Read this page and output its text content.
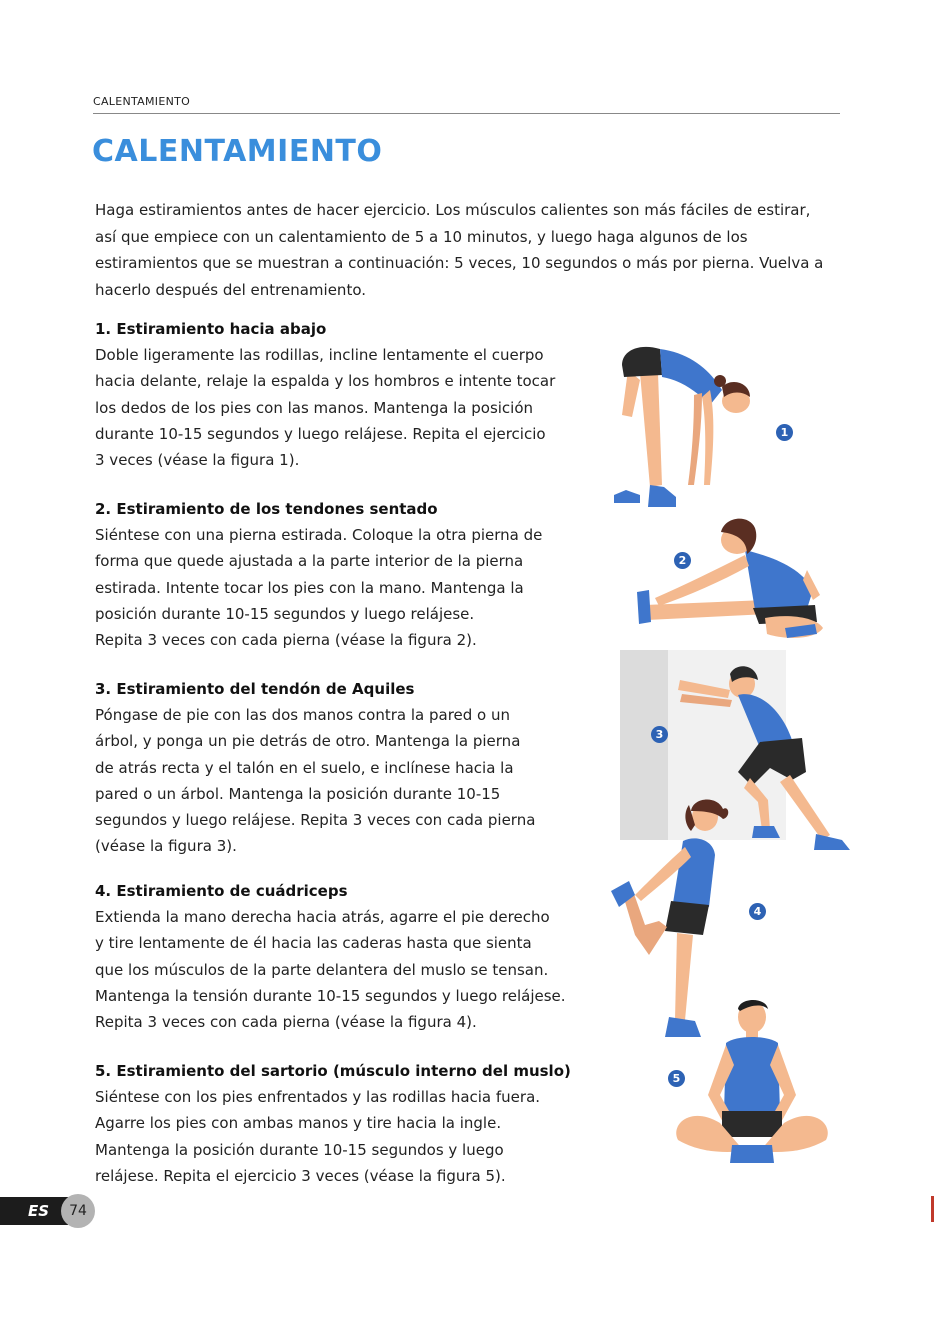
CALENTAMIENTO
CALENTAMIENTO

Haga estiramientos antes de hacer ejercicio. Los músculos calientes son más fáciles de estirar, así que empiece con un calentamiento de 5 a 10 minutos, y luego haga algunos de los estiramientos que se muestran a continuación: 5 veces, 10 segundos o más por pierna. Vuelva a hacerlo después del entrenamiento.

1. Estiramiento hacia abajo

Doble ligeramente las rodillas, incline lentamente el cuerpo
hacia delante, relaje la espalda y los hombros e intente tocar
los dedos de los pies con las manos. Mantenga la posición
durante 10-15 segundos y luego relájese. Repita el ejercicio
3 veces (véase la figura 1).

2. Estiramiento de los tendones sentado

Siéntese con una pierna estirada. Coloque la otra pierna de
forma que quede ajustada a la parte interior de la pierna
estirada. Intente tocar los pies con la mano. Mantenga la
posición durante 10-15 segundos y luego relájese.
Repita 3 veces con cada pierna (véase la figura 2).

3. Estiramiento del tendón de Aquiles

Póngase de pie con las dos manos contra la pared o un
árbol, y ponga un pie detrás de otro. Mantenga la pierna
de atrás recta y el talón en el suelo, e inclínese hacia la
pared o un árbol. Mantenga la posición durante 10-15
segundos y luego relájese. Repita 3 veces con cada pierna
(véase la figura 3).

4. Estiramiento de cuádriceps

Extienda la mano derecha hacia atrás, agarre el pie derecho
y tire lentamente de él hacia las caderas hasta que sienta
que los músculos de la parte delantera del muslo se tensan.
Mantenga la tensión durante 10-15 segundos y luego relájese.
Repita 3 veces con cada pierna (véase la figura 4).

5. Estiramiento del sartorio (músculo interno del muslo)

Siéntese con los pies enfrentados y las rodillas hacia fuera.
Agarre los pies con ambas manos y tire hacia la ingle.
Mantenga la posición durante 10-15 segundos y luego
relájese. Repita el ejercicio 3 veces (véase la figura 5).

1
2
3
4
5
ES	74
